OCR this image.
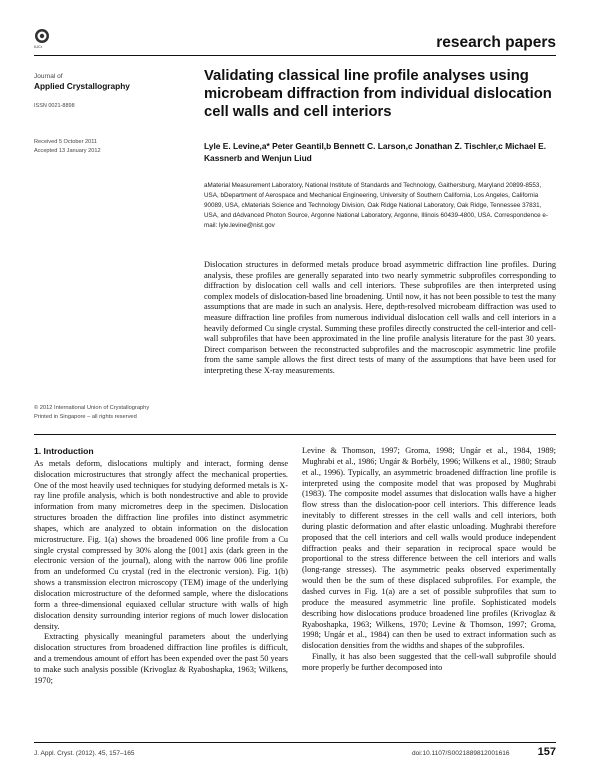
IUCr	research papers
Journal of
Applied Crystallography
ISSN 0021-8898
Received 5 October 2011
Accepted 13 January 2012
Validating classical line profile analyses using microbeam diffraction from individual dislocation cell walls and cell interiors
Lyle E. Levine,a* Peter Geantil,b Bennett C. Larson,c Jonathan Z. Tischler,c Michael E. Kassnerb and Wenjun Liud
aMaterial Measurement Laboratory, National Institute of Standards and Technology, Gaithersburg, Maryland 20899-8553, USA, bDepartment of Aerospace and Mechanical Engineering, University of Southern California, Los Angeles, California 90089, USA, cMaterials Science and Technology Division, Oak Ridge National Laboratory, Oak Ridge, Tennessee 37831, USA, and dAdvanced Photon Source, Argonne National Laboratory, Argonne, Illinois 60439-4800, USA. Correspondence e-mail: lyle.levine@nist.gov
Dislocation structures in deformed metals produce broad asymmetric diffraction line profiles. During analysis, these profiles are generally separated into two nearly symmetric subprofiles corresponding to diffraction by dislocation cell walls and cell interiors. These subprofiles are then interpreted using complex models of dislocation-based line broadening. Until now, it has not been possible to test the many assumptions that are made in such an analysis. Here, depth-resolved microbeam diffraction was used to measure diffraction line profiles from numerous individual dislocation cell walls and cell interiors in a heavily deformed Cu single crystal. Summing these profiles directly constructed the cell-interior and cell-wall subprofiles that have been approximated in the line profile analysis literature for the past 30 years. Direct comparison between the reconstructed subprofiles and the macroscopic asymmetric line profile from the same sample allows the first direct tests of many of the assumptions that have been used for interpreting these X-ray measurements.
© 2012 International Union of Crystallography
Printed in Singapore – all rights reserved
1. Introduction

As metals deform, dislocations multiply and interact, forming dense dislocation microstructures that strongly affect the mechanical properties. One of the most heavily used techniques for studying deformed metals is X-ray line profile analysis, which is both nondestructive and able to provide information from many micrometres deep in the specimen. Dislocation structures broaden the diffraction line profiles into distinct asymmetric shapes, which are analyzed to obtain information on the dislocation microstructure. Fig. 1(a) shows the broadened 006 line profile from a Cu single crystal compressed by 30% along the [001] axis (dark green in the electronic version of the journal), along with the narrow 006 line profile from an undeformed Cu crystal (red in the electronic version). Fig. 1(b) shows a transmission electron microscopy (TEM) image of the underlying dislocation microstructure of the deformed sample, where the dislocations form a three-dimensional equiaxed cellular structure with walls of high dislocation density surrounding interior regions of much lower dislocation density.

Extracting physically meaningful parameters about the underlying dislocation structures from broadened diffraction line profiles is difficult, and a tremendous amount of effort has been expended over the past 50 years to make such analysis possible (Krivoglaz & Ryaboshapka, 1963; Wilkens, 1970;

Levine & Thomson, 1997; Groma, 1998; Ungár et al., 1984, 1989; Mughrabi et al., 1986; Ungár & Borbély, 1996; Wilkens et al., 1980; Straub et al., 1996). Typically, an asymmetric broadened diffraction line profile is interpreted using the composite model that was proposed by Mughrabi (1983). The composite model assumes that dislocation walls have a higher flow stress than the dislocation-poor cell interiors. This difference leads inevitably to different stresses in the cell walls and cell interiors, both during plastic deformation and after elastic unloading. Mughrabi therefore proposed that the cell interiors and cell walls would produce independent diffraction peaks and their separation in reciprocal space would be proportional to the stress difference between the cell interiors and walls (long-range stresses). The asymmetric peaks observed experimentally would then be the sum of these displaced subprofiles. For example, the dashed curves in Fig. 1(a) are a set of possible subprofiles that sum to produce the measured asymmetric line profile. Sophisticated models describing how dislocations produce broadened line profiles (Krivoglaz & Ryaboshapka, 1963; Wilkens, 1970; Levine & Thomson, 1997; Groma, 1998; Ungár et al., 1984) can then be used to extract information such as dislocation densities from the widths and shapes of the subprofiles.

Finally, it has also been suggested that the cell-wall subprofile should more properly be further decomposed into

J. Appl. Cryst. (2012). 45, 157–165	doi:10.1107/S0021889812001616	157
